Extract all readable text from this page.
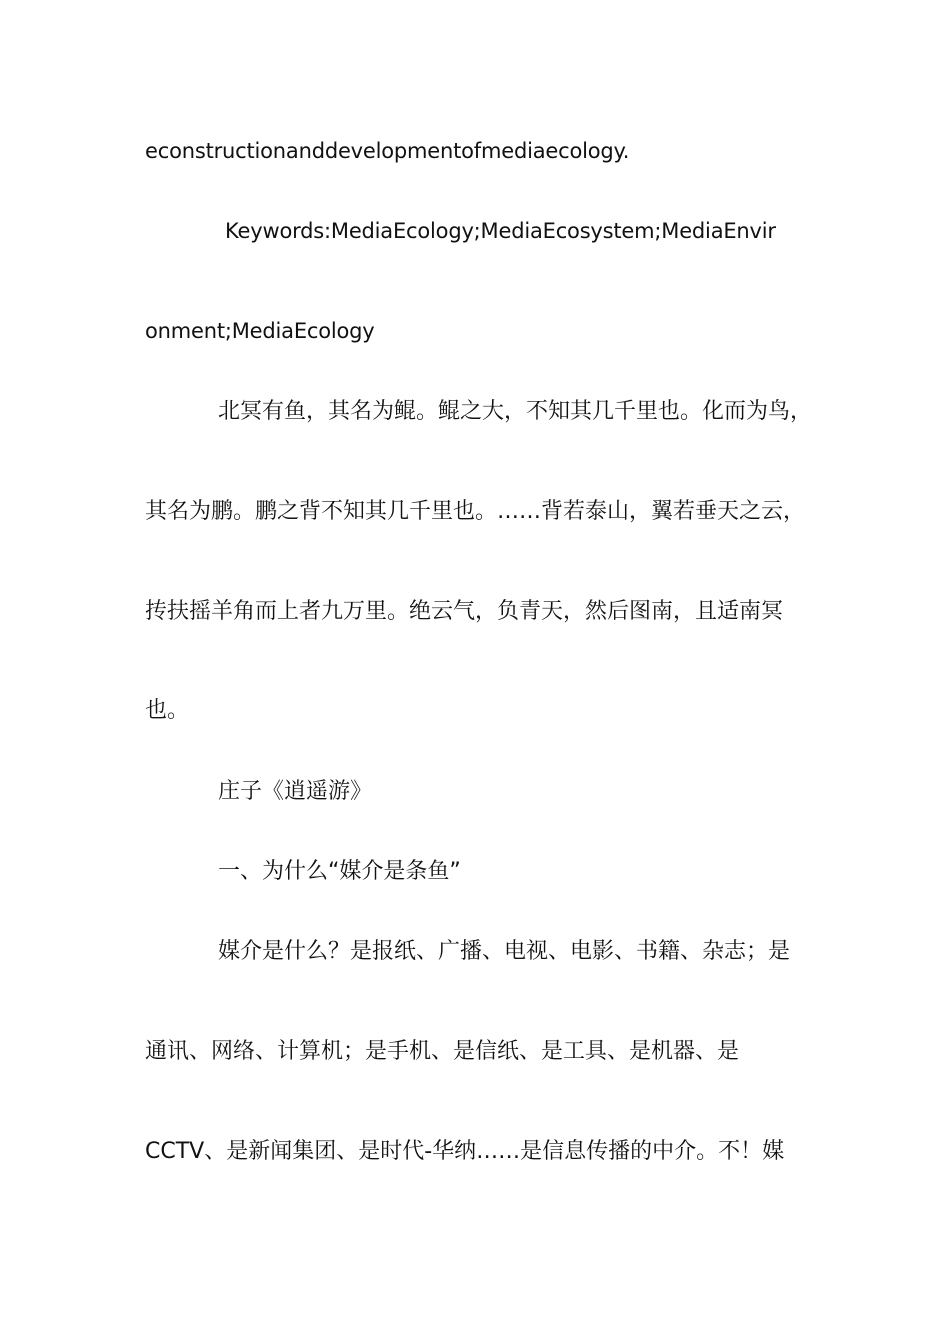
econstructionanddevelopmentofmediaecology.
Keywords:MediaEcology;MediaEcosystem;MediaEnvir
onment;MediaEcology
北冥有鱼，其名为鲲。鲲之大，不知其几千里也。化而为鸟，
其名为鹏。鹏之背不知其几千里也。……背若泰山，翼若垂天之云，
抟扶摇羊角而上者九万里。绝云气，负青天，然后图南，且适南冥
也。
庄子《逍遥游》
一、为什么“媒介是条鱼”
媒介是什么？是报纸、广播、电视、电影、书籍、杂志；是
通讯、网络、计算机；是手机、是信纸、是工具、是机器、是
CCTV、是新闻集团、是时代-华纳……是信息传播的中介。不！媒
